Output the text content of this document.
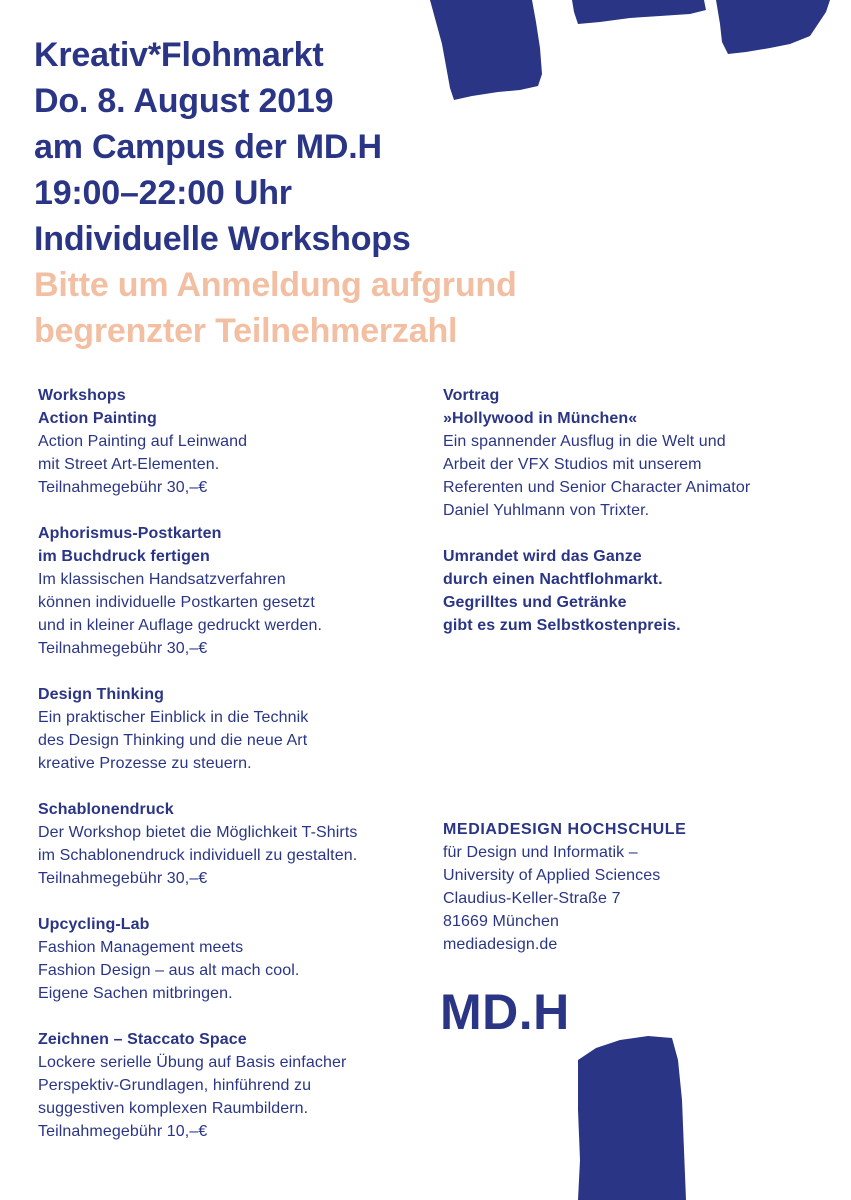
Kreativ*Flohmarkt
Do. 8. August 2019
am Campus der MD.H
19:00–22:00 Uhr
Individuelle Workshops
Bitte um Anmeldung aufgrund
begrenzter Teilnehmerzahl
Workshops
Action Painting
Action Painting auf Leinwand
mit Street Art-Elementen.
Teilnahmegebühr 30,–€
Aphorismus-Postkarten
im Buchdruck fertigen
Im klassischen Handsatzverfahren
können individuelle Postkarten gesetzt
und in kleiner Auflage gedruckt werden.
Teilnahmegebühr 30,–€
Design Thinking
Ein praktischer Einblick in die Technik
des Design Thinking und die neue Art
kreative Prozesse zu steuern.
Schablonendruck
Der Workshop bietet die Möglichkeit T-Shirts
im Schablonendruck individuell zu gestalten.
Teilnahmegebühr 30,–€
Upcycling-Lab
Fashion Management meets
Fashion Design – aus alt mach cool.
Eigene Sachen mitbringen.
Zeichnen – Staccato Space
Lockere serielle Übung auf Basis einfacher
Perspektiv-Grundlagen, hinführend zu
suggestiven komplexen Raumbildern.
Teilnahmegebühr 10,–€
Vortrag
»Hollywood in München«
Ein spannender Ausflug in die Welt und
Arbeit der VFX Studios mit unserem
Referenten und Senior Character Animator
Daniel Yuhlmann von Trixter.
Umrandet wird das Ganze
durch einen Nachtflohmarkt.
Gegrilltes und Getränke
gibt es zum Selbstkostenpreis.
MEDIADESIGN HOCHSCHULE
für Design und Informatik –
University of Applied Sciences
Claudius-Keller-Straße 7
81669 München
mediadesign.de
MD.H
